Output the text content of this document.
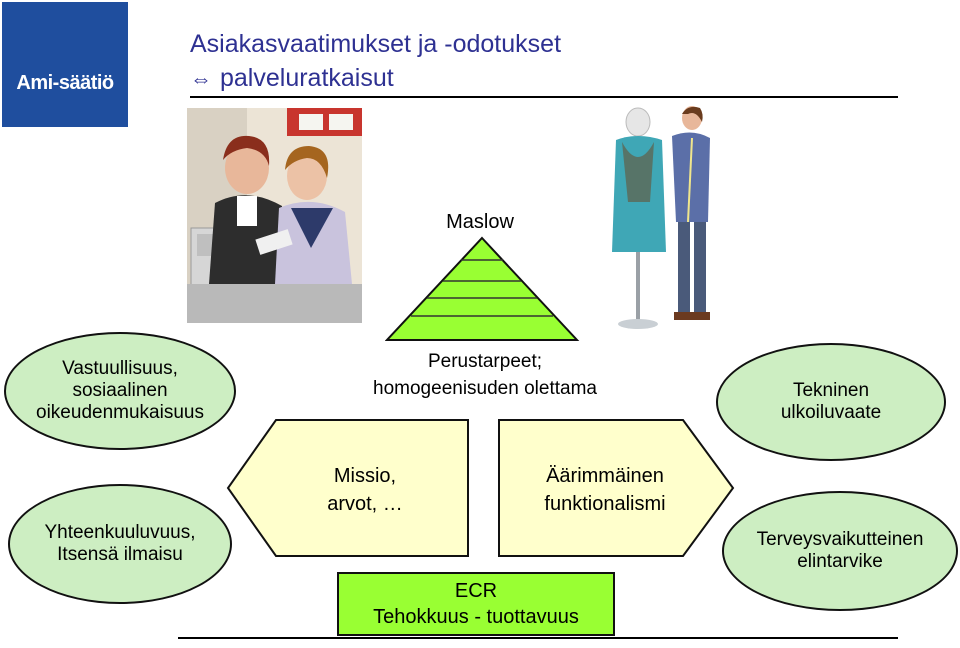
Ami-säätiö
Asiakasvaatimukset ja -odotukset
⇔ palveluratkaisut
Maslow
Perustarpeet;
homogeenisuden olettama
Vastuullisuus,
sosiaalinen
oikeudenmukaisuus
Yhteenkuuluvuus,
Itsensä ilmaisu
Tekninen
ulkoiluvaate
Terveysvaikutteinen
elintarvike
Missio,
arvot, …
Äärimmäinen
funktionalismi
ECR
Tehokkuus - tuottavuus
